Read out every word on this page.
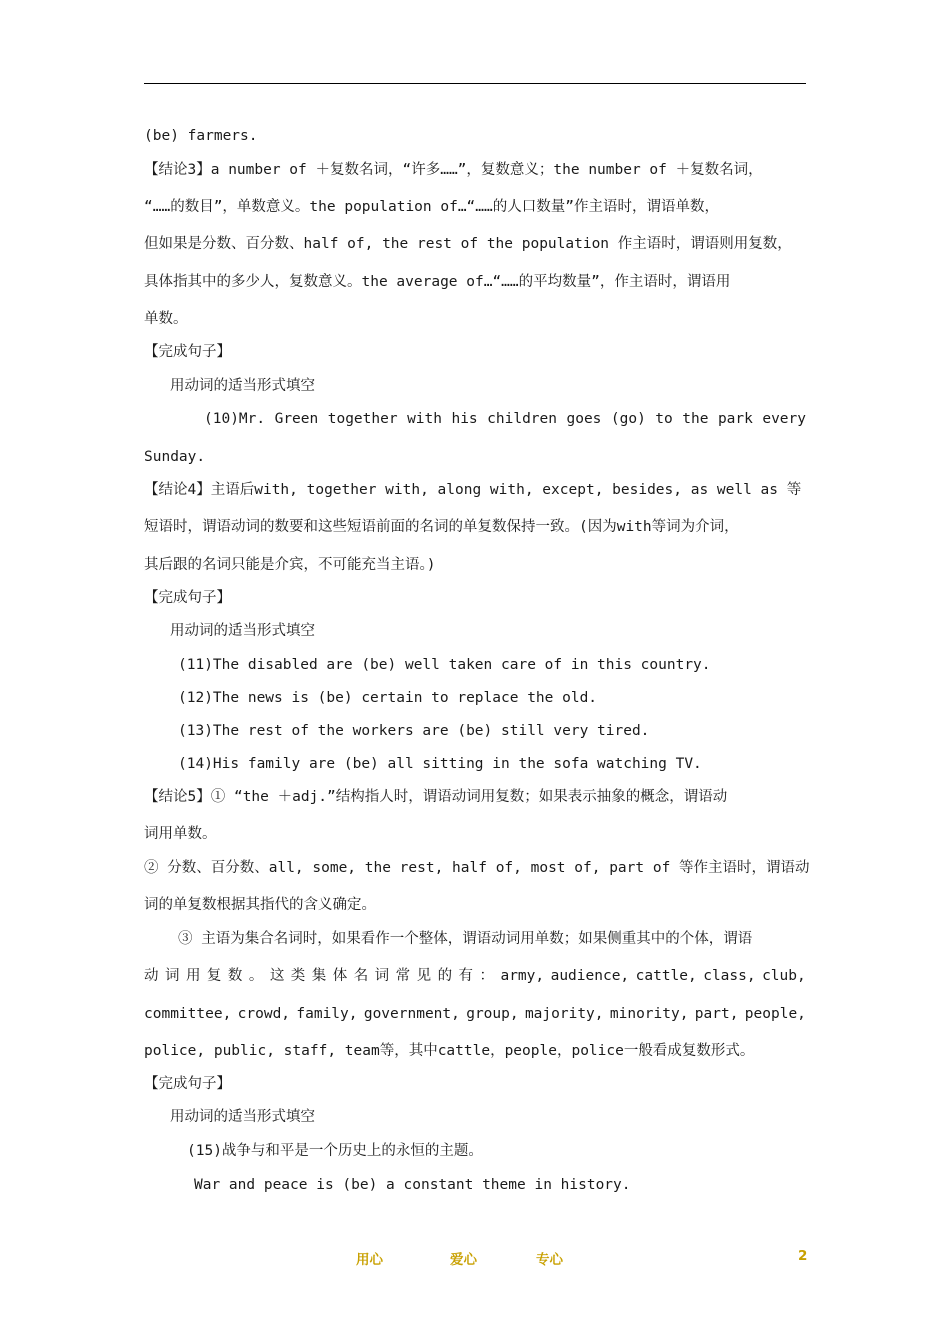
(be) farmers.
【结论3】a number of ＋复数名词，“许多……”，复数意义；the number of ＋复数名词，
“……的数目”，单数意义。the population of…“……的人口数量”作主语时，谓语单数，
但如果是分数、百分数、half of, the rest of the population 作主语时，谓语则用复数，
具体指其中的多少人，复数意义。the average of…“……的平均数量”，作主语时，谓语用
单数。
【完成句子】
用动词的适当形式填空
(10)Mr. Green together with his children goes (go) to the park every
Sunday.
【结论4】主语后with, together with, along with, except, besides, as well as 等
短语时，谓语动词的数要和这些短语前面的名词的单复数保持一致。(因为with等词为介词，
其后跟的名词只能是介宾，不可能充当主语。)
【完成句子】
用动词的适当形式填空
(11)The disabled are (be) well taken care of in this country.
(12)The news is (be) certain to replace the old.
(13)The rest of the workers are (be) still very tired.
(14)His family are (be) all sitting in the sofa watching TV.
【结论5】① “the ＋adj.”结构指人时，谓语动词用复数；如果表示抽象的概念，谓语动
词用单数。
② 分数、百分数、all, some, the rest, half of, most of, part of 等作主语时，谓语动
词的单复数根据其指代的含义确定。
③ 主语为集合名词时，如果看作一个整体，谓语动词用单数；如果侧重其中的个体，谓语
动 词 用 复 数 。 这 类 集 体 名 词 常 见 的 有 ： army, audience, cattle, class, club,
committee, crowd, family, government, group, majority, minority, part, people,
police, public, staff, team等，其中cattle，people，police一般看成复数形式。
【完成句子】
用动词的适当形式填空
(15)战争与和平是一个历史上的永恒的主题。
War and peace is (be) a constant theme in history.
用心	爱心	专心	2
